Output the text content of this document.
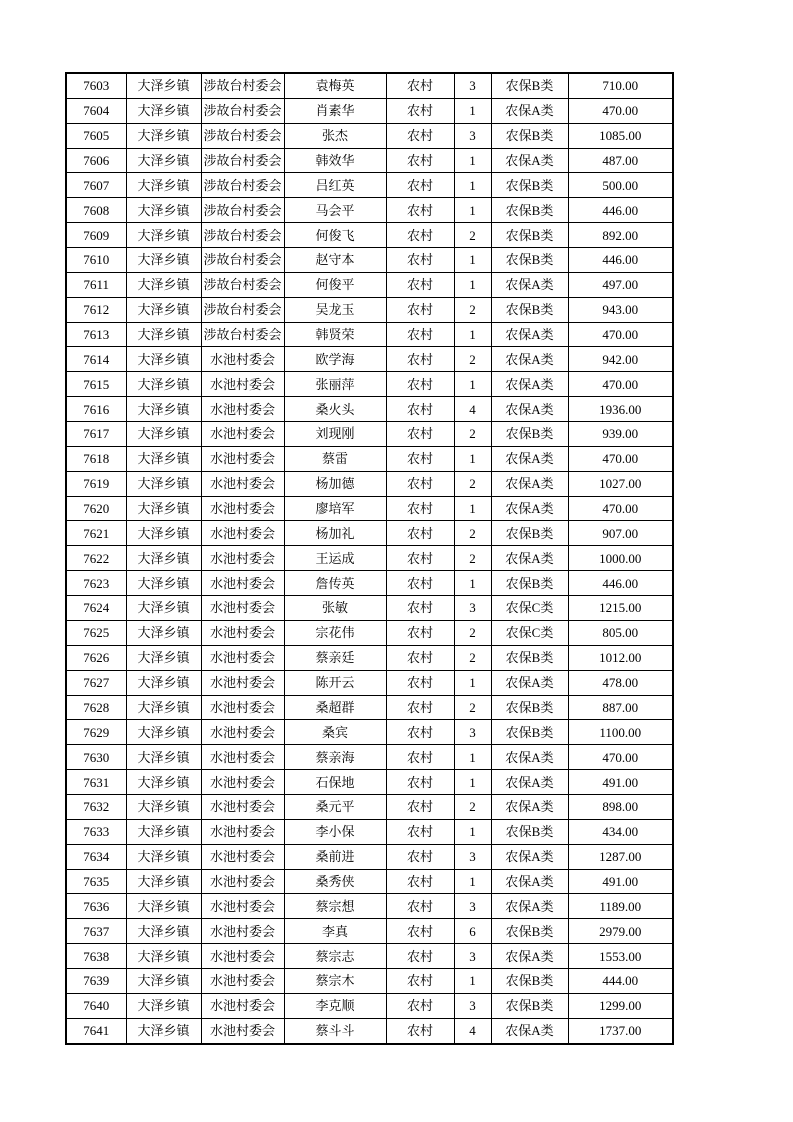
7603	大泽乡镇	涉故台村委会	袁梅英	农村	3	农保B类	710.00
7604	大泽乡镇	涉故台村委会	肖素华	农村	1	农保A类	470.00
7605	大泽乡镇	涉故台村委会	张杰	农村	3	农保B类	1085.00
7606	大泽乡镇	涉故台村委会	韩效华	农村	1	农保A类	487.00
7607	大泽乡镇	涉故台村委会	吕红英	农村	1	农保B类	500.00
7608	大泽乡镇	涉故台村委会	马会平	农村	1	农保B类	446.00
7609	大泽乡镇	涉故台村委会	何俊飞	农村	2	农保B类	892.00
7610	大泽乡镇	涉故台村委会	赵守本	农村	1	农保B类	446.00
7611	大泽乡镇	涉故台村委会	何俊平	农村	1	农保A类	497.00
7612	大泽乡镇	涉故台村委会	吴龙玉	农村	2	农保B类	943.00
7613	大泽乡镇	涉故台村委会	韩贤荣	农村	1	农保A类	470.00
7614	大泽乡镇	水池村委会	欧学海	农村	2	农保A类	942.00
7615	大泽乡镇	水池村委会	张丽萍	农村	1	农保A类	470.00
7616	大泽乡镇	水池村委会	桑火头	农村	4	农保A类	1936.00
7617	大泽乡镇	水池村委会	刘现刚	农村	2	农保B类	939.00
7618	大泽乡镇	水池村委会	蔡雷	农村	1	农保A类	470.00
7619	大泽乡镇	水池村委会	杨加德	农村	2	农保A类	1027.00
7620	大泽乡镇	水池村委会	廖培军	农村	1	农保A类	470.00
7621	大泽乡镇	水池村委会	杨加礼	农村	2	农保B类	907.00
7622	大泽乡镇	水池村委会	王运成	农村	2	农保A类	1000.00
7623	大泽乡镇	水池村委会	詹传英	农村	1	农保B类	446.00
7624	大泽乡镇	水池村委会	张敏	农村	3	农保C类	1215.00
7625	大泽乡镇	水池村委会	宗花伟	农村	2	农保C类	805.00
7626	大泽乡镇	水池村委会	蔡亲廷	农村	2	农保B类	1012.00
7627	大泽乡镇	水池村委会	陈开云	农村	1	农保A类	478.00
7628	大泽乡镇	水池村委会	桑超群	农村	2	农保B类	887.00
7629	大泽乡镇	水池村委会	桑宾	农村	3	农保B类	1100.00
7630	大泽乡镇	水池村委会	蔡亲海	农村	1	农保A类	470.00
7631	大泽乡镇	水池村委会	石保地	农村	1	农保A类	491.00
7632	大泽乡镇	水池村委会	桑元平	农村	2	农保A类	898.00
7633	大泽乡镇	水池村委会	李小保	农村	1	农保B类	434.00
7634	大泽乡镇	水池村委会	桑前进	农村	3	农保A类	1287.00
7635	大泽乡镇	水池村委会	桑秀侠	农村	1	农保A类	491.00
7636	大泽乡镇	水池村委会	蔡宗想	农村	3	农保A类	1189.00
7637	大泽乡镇	水池村委会	李真	农村	6	农保B类	2979.00
7638	大泽乡镇	水池村委会	蔡宗志	农村	3	农保A类	1553.00
7639	大泽乡镇	水池村委会	蔡宗木	农村	1	农保B类	444.00
7640	大泽乡镇	水池村委会	李克顺	农村	3	农保B类	1299.00
7641	大泽乡镇	水池村委会	蔡斗斗	农村	4	农保A类	1737.00
